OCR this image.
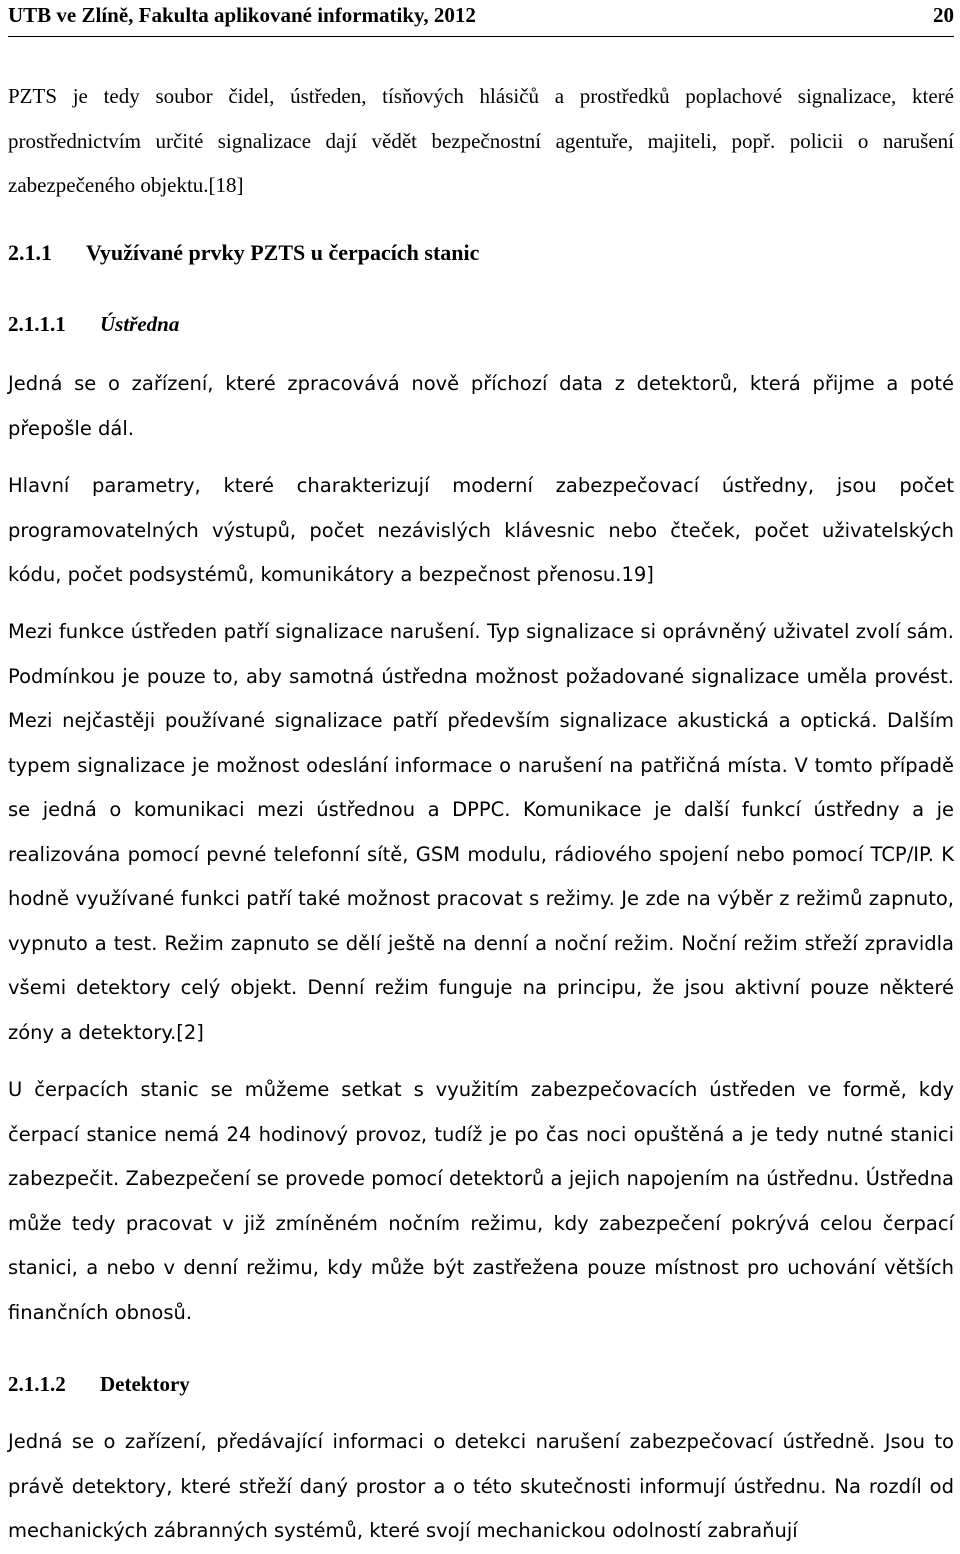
UTB ve Zlíně, Fakulta aplikované informatiky, 2012	20

PZTS je tedy soubor čidel, ústředen, tísňových hlásičů a prostředků poplachové signalizace, které prostřednictvím určité signalizace dají vědět bezpečnostní agentuře, majiteli, popř. policii o narušení zabezpečeného objektu.[18]

2.1.1 Využívané prvky PZTS u čerpacích stanic
2.1.1.1 Ústředna

Jedná se o zařízení, které zpracovává nově příchozí data z detektorů, která přijme a poté přepošle dál.

Hlavní parametry, které charakterizují moderní zabezpečovací ústředny, jsou počet programovatelných výstupů, počet nezávislých klávesnic nebo čteček, počet uživatelských kódu, počet podsystémů, komunikátory a bezpečnost přenosu.19]

Mezi funkce ústředen patří signalizace narušení. Typ signalizace si oprávněný uživatel zvolí sám. Podmínkou je pouze to, aby samotná ústředna možnost požadované signalizace uměla provést. Mezi nejčastěji používané signalizace patří především signalizace akustická a optická. Dalším typem signalizace je možnost odeslání informace o narušení na patřičná místa. V tomto případě se jedná o komunikaci mezi ústřednou a DPPC. Komunikace je další funkcí ústředny a je realizována pomocí pevné telefonní sítě, GSM modulu, rádiového spojení nebo pomocí TCP/IP. K hodně využívané funkci patří také možnost pracovat s režimy. Je zde na výběr z režimů zapnuto, vypnuto a test. Režim zapnuto se dělí ještě na denní a noční režim. Noční režim střeží zpravidla všemi detektory celý objekt. Denní režim funguje na principu, že jsou aktivní pouze některé zóny a detektory.[2]

U čerpacích stanic se můžeme setkat s využitím zabezpečovacích ústředen ve formě, kdy čerpací stanice nemá 24 hodinový provoz, tudíž je po čas noci opuštěná a je tedy nutné stanici zabezpečit. Zabezpečení se provede pomocí detektorů a jejich napojením na ústřednu. Ústředna může tedy pracovat v již zmíněném nočním režimu, kdy zabezpečení pokrývá celou čerpací stanici, a nebo v denní režimu, kdy může být zastřežena pouze místnost pro uchování větších finančních obnosů.

2.1.1.2 Detektory

Jedná se o zařízení, předávající informaci o detekci narušení zabezpečovací ústředně. Jsou to právě detektory, které střeží daný prostor a o této skutečnosti informují ústřednu. Na rozdíl od mechanických zábranných systémů, které svojí mechanickou odolností zabraňují
